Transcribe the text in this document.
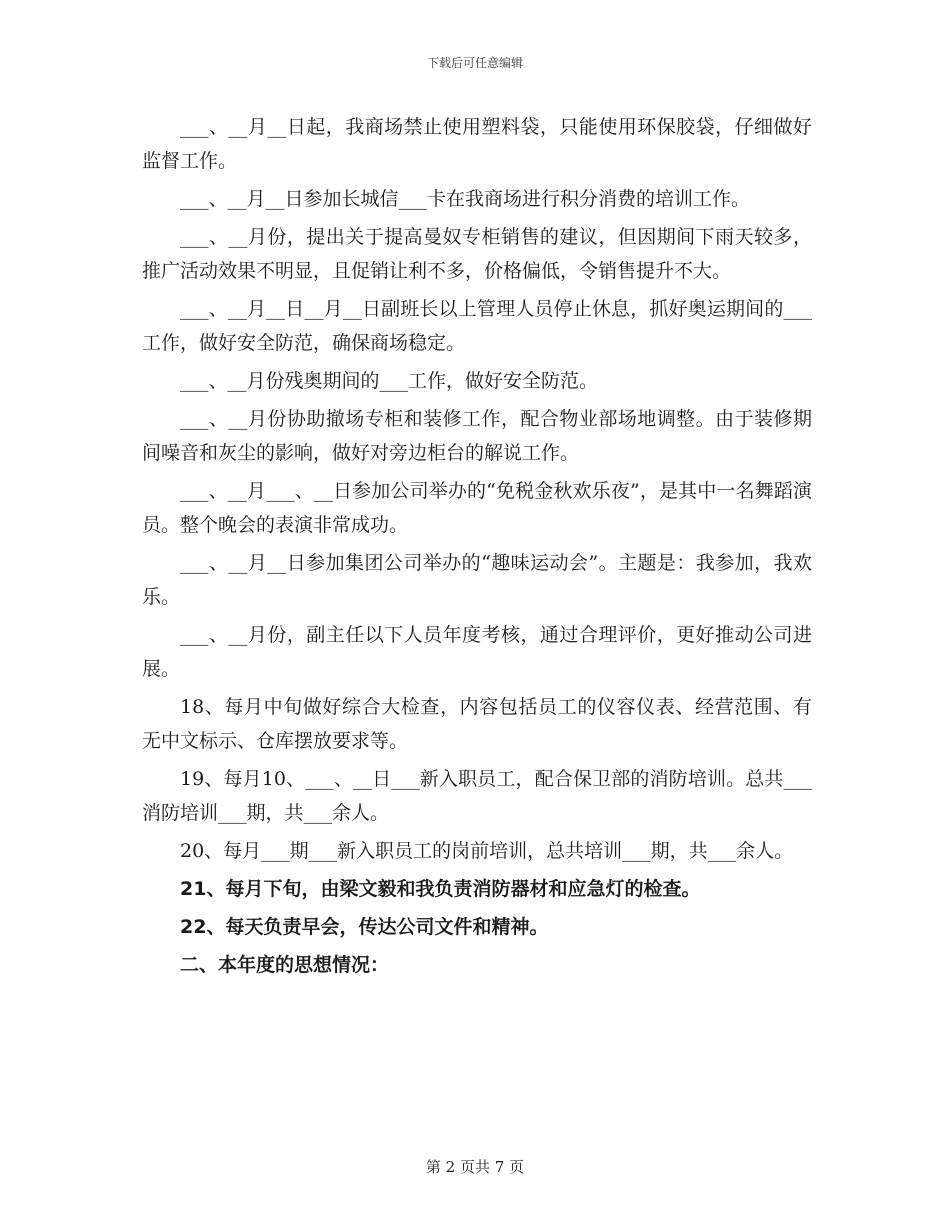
下载后可任意编辑

___、__月__日起，我商场禁止使用塑料袋，只能使用环保胶袋，仔细做好监督工作。

___、__月__日参加长城信___卡在我商场进行积分消费的培训工作。

___、__月份，提出关于提高曼奴专柜销售的建议，但因期间下雨天较多，推广活动效果不明显，且促销让利不多，价格偏低，令销售提升不大。

___、__月__日__月__日副班长以上管理人员停止休息，抓好奥运期间的___工作，做好安全防范，确保商场稳定。

___、__月份残奥期间的___工作，做好安全防范。

___、__月份协助撤场专柜和装修工作，配合物业部场地调整。由于装修期间噪音和灰尘的影响，做好对旁边柜台的解说工作。

___、__月___、__日参加公司举办的“免税金秋欢乐夜”，是其中一名舞蹈演员。整个晚会的表演非常成功。

___、__月__日参加集团公司举办的“趣味运动会”。主题是：我参加，我欢乐。

___、__月份，副主任以下人员年度考核，通过合理评价，更好推动公司进展。

18、每月中旬做好综合大检查，内容包括员工的仪容仪表、经营范围、有无中文标示、仓库摆放要求等。

19、每月10、___、__日___新入职员工，配合保卫部的消防培训。总共___消防培训___期，共___余人。

20、每月___期___新入职员工的岗前培训，总共培训___期，共___余人。

21、每月下旬，由梁文毅和我负责消防器材和应急灯的检查。

22、每天负责早会，传达公司文件和精神。

二、本年度的思想情况：

第 2 页共 7 页
